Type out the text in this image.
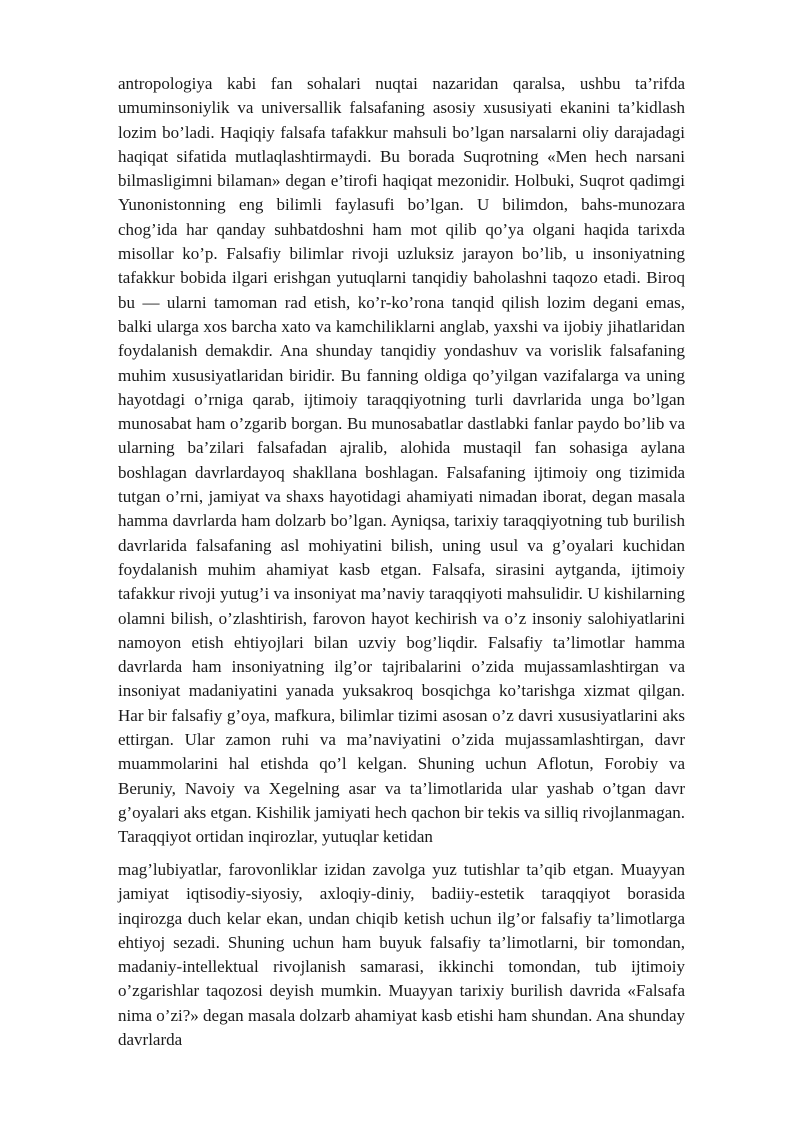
antropologiya kabi fan sohalari nuqtai nazaridan qaralsa, ushbu ta’rifda umuminsoniylik va universallik falsafaning asosiy xususiyati ekanini ta’kidlash lozim bo’ladi. Haqiqiy falsafa tafakkur mahsuli bo’lgan narsalarni oliy darajadagi haqiqat sifatida mutlaqlashtirmaydi. Bu borada Suqrotning «Men hech narsani bilmasligimni bilaman» degan e’tirofi haqiqat mezonidir. Holbuki, Suqrot qadimgi Yunonistonning eng bilimli faylasufi bo’lgan. U bilimdon, bahs-munozara chog’ida har qanday suhbatdoshni ham mot qilib qo’ya olgani haqida tarixda misollar ko’p. Falsafiy bilimlar rivoji uzluksiz jarayon bo’lib, u insoniyatning tafakkur bobida ilgari erishgan yutuqlarni tanqidiy baholashni taqozo etadi. Biroq bu — ularni tamoman rad etish, ko’r-ko’rona tanqid qilish lozim degani emas, balki ularga xos barcha xato va kamchiliklarni anglab, yaxshi va ijobiy jihatlaridan foydalanish demakdir. Ana shunday tanqidiy yondashuv va vorislik falsafaning muhim xususiyatlaridan biridir. Bu fanning oldiga qo’yilgan vazifalarga va uning hayotdagi o’rniga qarab, ijtimoiy taraqqiyotning turli davrlarida unga bo’lgan munosabat ham o’zgarib borgan. Bu munosabatlar dastlabki fanlar paydo bo’lib va ularning ba’zilari falsafadan ajralib, alohida mustaqil fan sohasiga aylana boshlagan davrlardayoq shakllana boshlagan. Falsafaning ijtimoiy ong tizimida tutgan o’rni, jamiyat va shaxs hayotidagi ahamiyati nimadan iborat, degan masala hamma davrlarda ham dolzarb bo’lgan. Ayniqsa, tarixiy taraqqiyotning tub burilish davrlarida falsafaning asl mohiyatini bilish, uning usul va g’oyalari kuchidan foydalanish muhim ahamiyat kasb etgan. Falsafa, sirasini aytganda, ijtimoiy tafakkur rivoji yutug’i va insoniyat ma’naviy taraqqiyoti mahsulidir. U kishilarning olamni bilish, o’zlashtirish, farovon hayot kechirish va o’z insoniy salohiyatlarini namoyon etish ehtiyojlari bilan uzviy bog’liqdir. Falsafiy ta’limotlar hamma davrlarda ham insoniyatning ilg’or tajribalarini o’zida mujassamlashtirgan va insoniyat madaniyatini yanada yuksakroq bosqichga ko’tarishga xizmat qilgan. Har bir falsafiy g’oya, mafkura, bilimlar tizimi asosan o’z davri xususiyatlarini aks ettirgan. Ular zamon ruhi va ma’naviyatini o’zida mujassamlashtirgan, davr muammolarini hal etishda qo’l kelgan. Shuning uchun Aflotun, Forobiy va Beruniy, Navoiy va Xegelning asar va ta’limotlarida ular yashab o’tgan davr g’oyalari aks etgan. Kishilik jamiyati hech qachon bir tekis va silliq rivojlanmagan. Taraqqiyot ortidan inqirozlar, yutuqlar ketidan

mag’lubiyatlar, farovonliklar izidan zavolga yuz tutishlar ta’qib etgan. Muayyan jamiyat iqtisodiy-siyosiy, axloqiy-diniy, badiiy-estetik taraqqiyot borasida inqirozga duch kelar ekan, undan chiqib ketish uchun ilg’or falsafiy ta’limotlarga ehtiyoj sezadi. Shuning uchun ham buyuk falsafiy ta’limotlarni, bir tomondan, madaniy-intellektual rivojlanish samarasi, ikkinchi tomondan, tub ijtimoiy o’zgarishlar taqozosi deyish mumkin. Muayyan tarixiy burilish davrida «Falsafa nima o’zi?» degan masala dolzarb ahamiyat kasb etishi ham shundan. Ana shunday davrlarda
